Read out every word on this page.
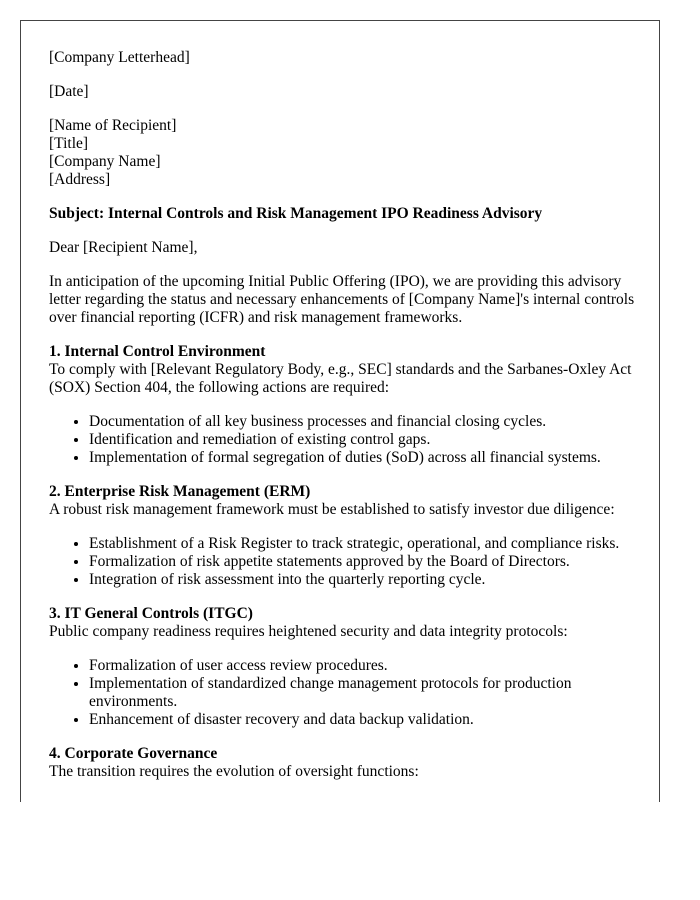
[Company Letterhead]

[Date]

[Name of Recipient]
[Title]
[Company Name]
[Address]

Subject: Internal Controls and Risk Management IPO Readiness Advisory

Dear [Recipient Name],

In anticipation of the upcoming Initial Public Offering (IPO), we are providing this advisory letter regarding the status and necessary enhancements of [Company Name]'s internal controls over financial reporting (ICFR) and risk management frameworks.

1. Internal Control Environment
To comply with [Relevant Regulatory Body, e.g., SEC] standards and the Sarbanes-Oxley Act (SOX) Section 404, the following actions are required:
• Documentation of all key business processes and financial closing cycles.
• Identification and remediation of existing control gaps.
• Implementation of formal segregation of duties (SoD) across all financial systems.
2. Enterprise Risk Management (ERM)
A robust risk management framework must be established to satisfy investor due diligence:
• Establishment of a Risk Register to track strategic, operational, and compliance risks.
• Formalization of risk appetite statements approved by the Board of Directors.
• Integration of risk assessment into the quarterly reporting cycle.
3. IT General Controls (ITGC)
Public company readiness requires heightened security and data integrity protocols:
• Formalization of user access review procedures.
• Implementation of standardized change management protocols for production environments.
• Enhancement of disaster recovery and data backup validation.
4. Corporate Governance
The transition requires the evolution of oversight functions:
